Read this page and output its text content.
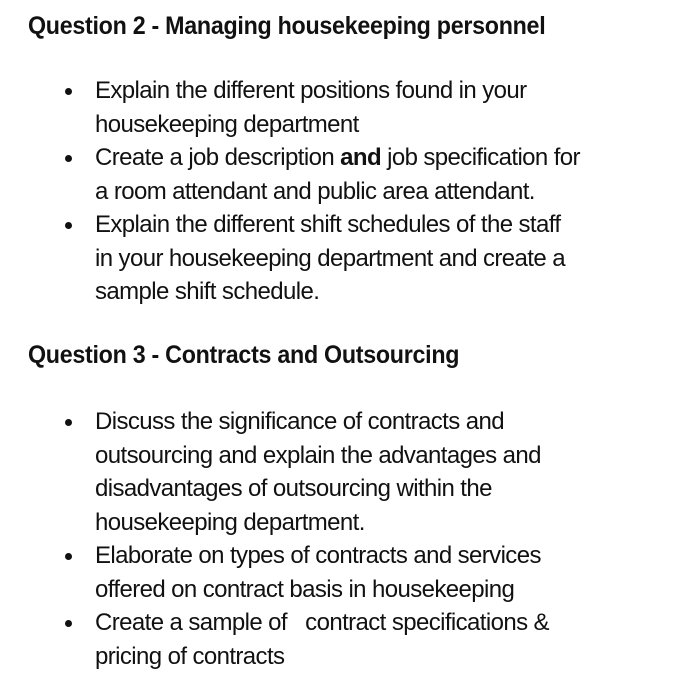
Question 2 - Managing housekeeping personnel
Explain the different positions found in your
housekeeping department
Create a job description and job specification for
a room attendant and public area attendant.
Explain the different shift schedules of the staff
in your housekeeping department and create a
sample shift schedule.
Question 3 - Contracts and Outsourcing
Discuss the significance of contracts and
outsourcing and explain the advantages and
disadvantages of outsourcing within the
housekeeping department.
Elaborate on types of contracts and services
offered on contract basis in housekeeping
Create a sample of   contract specifications &
pricing of contracts
